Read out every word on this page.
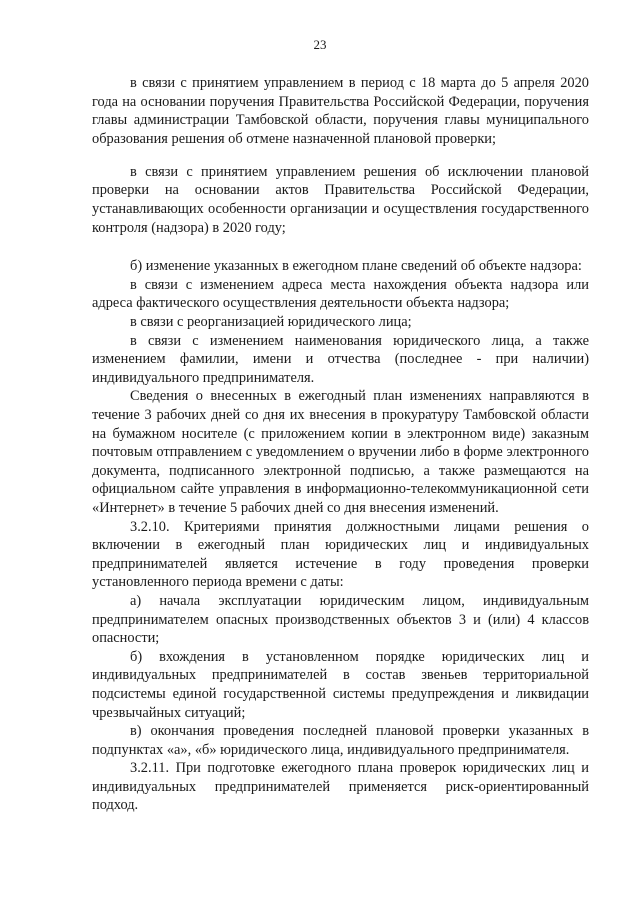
23

в связи с принятием управлением в период с 18 марта до 5 апреля 2020 года на основании поручения Правительства Российской Федерации, поручения главы администрации Тамбовской области, поручения главы муниципального образования решения об отмене назначенной плановой проверки;

в связи с принятием управлением решения об исключении плановой проверки на основании актов Правительства Российской Федерации, устанавливающих особенности организации и осуществления государственного контроля (надзора) в 2020 году;

б) изменение указанных в ежегодном плане сведений об объекте надзора:

в связи с изменением адреса места нахождения объекта надзора или адреса фактического осуществления деятельности объекта надзора;

в связи с реорганизацией юридического лица;

в связи с изменением наименования юридического лица, а также изменением фамилии, имени и отчества (последнее - при наличии) индивидуального предпринимателя.

Сведения о внесенных в ежегодный план изменениях направляются в течение 3 рабочих дней со дня их внесения в прокуратуру Тамбовской области на бумажном носителе (с приложением копии в электронном виде) заказным почтовым отправлением с уведомлением о вручении либо в форме электронного документа, подписанного электронной подписью, а также размещаются на официальном сайте управления в информационно-телекоммуникационной сети «Интернет» в течение 5 рабочих дней со дня внесения изменений.

3.2.10. Критериями принятия должностными лицами решения о включении в ежегодный план юридических лиц и индивидуальных предпринимателей является истечение в году проведения проверки установленного периода времени с даты:

а) начала эксплуатации юридическим лицом, индивидуальным предпринимателем опасных производственных объектов 3 и (или) 4 классов опасности;

б) вхождения в установленном порядке юридических лиц и индивидуальных предпринимателей в состав звеньев территориальной подсистемы единой государственной системы предупреждения и ликвидации чрезвычайных ситуаций;

в) окончания проведения последней плановой проверки указанных в подпунктах «а», «б» юридического лица, индивидуального предпринимателя.

3.2.11. При подготовке ежегодного плана проверок юридических лиц и индивидуальных предпринимателей применяется риск-ориентированный подход.
